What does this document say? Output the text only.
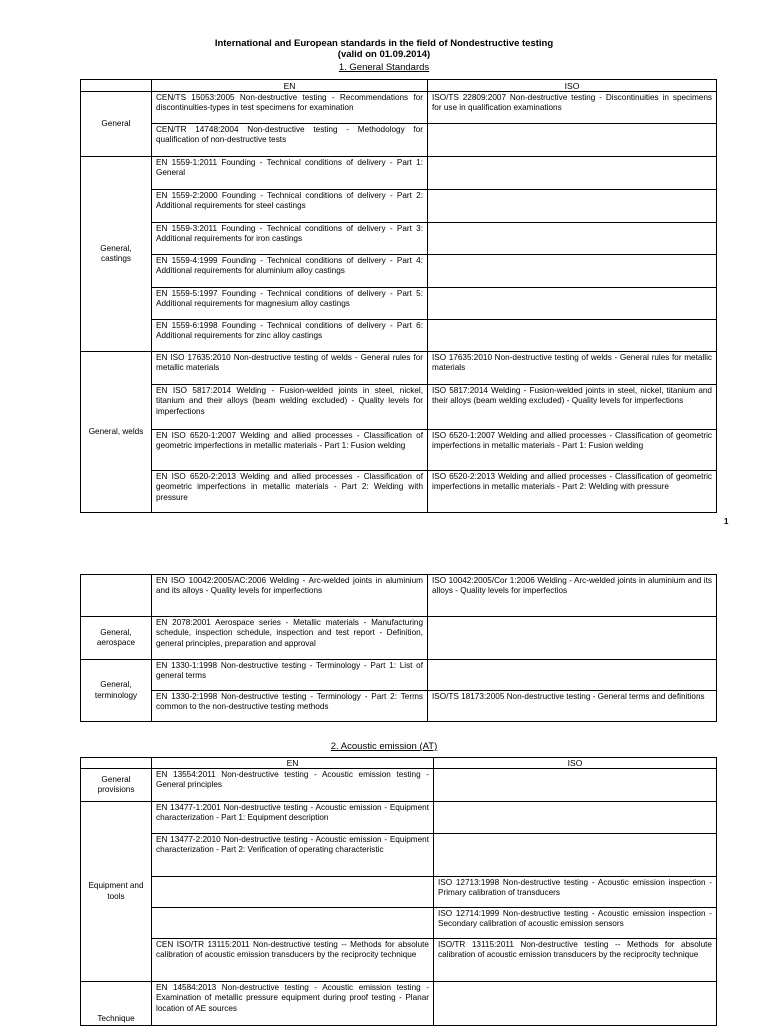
International and European standards in the field of Nondestructive testing
(valid on 01.09.2014)
1. General Standards
	EN	ISO
General	CEN/TS 15053:2005 Non-destructive testing - Recommendations for discontinuities-types in test specimens for examination	ISO/TS 22809:2007 Non-destructive testing - Discontinuities in specimens for use in qualification examinations
	CEN/TR 14748:2004 Non-destructive testing - Methodology for qualification of non-destructive tests	
General, castings	EN 1559-1:2011 Founding - Technical conditions of delivery - Part 1: General	
	EN 1559-2:2000 Founding - Technical conditions of delivery - Part 2: Additional requirements for steel castings	
	EN 1559-3:2011 Founding - Technical conditions of delivery - Part 3: Additional requirements for iron castings	
	EN 1559-4:1999 Founding - Technical conditions of delivery - Part 4: Additional requirements for aluminium alloy castings	
	EN 1559-5:1997 Founding - Technical conditions of delivery - Part 5: Additional requirements for magnesium alloy castings	
	EN 1559-6:1998 Founding - Technical conditions of delivery - Part 6: Additional requirements for zinc alloy castings	
General, welds	EN ISO 17635:2010 Non-destructive testing of welds - General rules for metallic materials	ISO 17635:2010 Non-destructive testing of welds - General rules for metallic materials
	EN ISO 5817:2014 Welding - Fusion-welded joints in steel, nickel, titanium and their alloys (beam welding excluded) - Quality levels for imperfections	ISO 5817:2014 Welding - Fusion-welded joints in steel, nickel, titanium and their alloys (beam welding excluded) - Quality levels for imperfections
	EN ISO 6520-1:2007 Welding and allied processes - Classification of geometric imperfections in metallic materials - Part 1: Fusion welding	ISO 6520-1:2007 Welding and allied processes - Classification of geometric imperfections in metallic materials - Part 1: Fusion welding
	EN ISO 6520-2:2013 Welding and allied processes - Classification of geometric imperfections in metallic materials - Part 2: Welding with pressure	ISO 6520-2:2013 Welding and allied processes - Classification of geometric imperfections in metallic materials - Part 2: Welding with pressure
1
	EN ISO 10042:2005/AC:2006 Welding - Arc-welded joints in aluminium and its alloys - Quality levels for imperfections	ISO 10042:2005/Cor 1:2006 Welding - Arc-welded joints in aluminium and its alloys - Quality levels for imperfectios
General, aerospace	EN 2078:2001 Aerospace series - Metallic materials - Manufacturing schedule, inspection schedule, inspection and test report - Definition, general principles, preparation and approval	
General, terminology	EN 1330-1:1998 Non-destructive testing - Terminology - Part 1: List of general terms	
	EN 1330-2:1998 Non-destructive testing - Terminology - Part 2: Terms common to the non-destructive testing methods	ISO/TS 18173:2005 Non-destructive testing - General terms and definitions
2. Acoustic emission (AT)
	EN	ISO
General provisions	EN 13554:2011 Non-destructive testing - Acoustic emission testing - General principles	
Equipment and tools	EN 13477-1:2001 Non-destructive testing - Acoustic emission - Equipment characterization - Part 1: Equipment description	
	EN 13477-2:2010 Non-destructive testing - Acoustic emission - Equipment characterization - Part 2: Verification of operating characteristic	
		ISO 12713:1998 Non-destructive testing - Acoustic emission inspection - Primary calibration of transducers
		ISO 12714:1999 Non-destructive testing - Acoustic emission inspection - Secondary calibration of acoustic emission sensors
	CEN ISO/TR 13115:2011 Non-destructive testing -- Methods for absolute calibration of acoustic emission transducers by the reciprocity technique	ISO/TR 13115:2011 Non-destructive testing -- Methods for absolute calibration of acoustic emission transducers by the reciprocity technique
Technique	EN 14584:2013 Non-destructive testing - Acoustic emission testing - Examination of metallic pressure equipment during proof testing - Planar location of AE sources	
